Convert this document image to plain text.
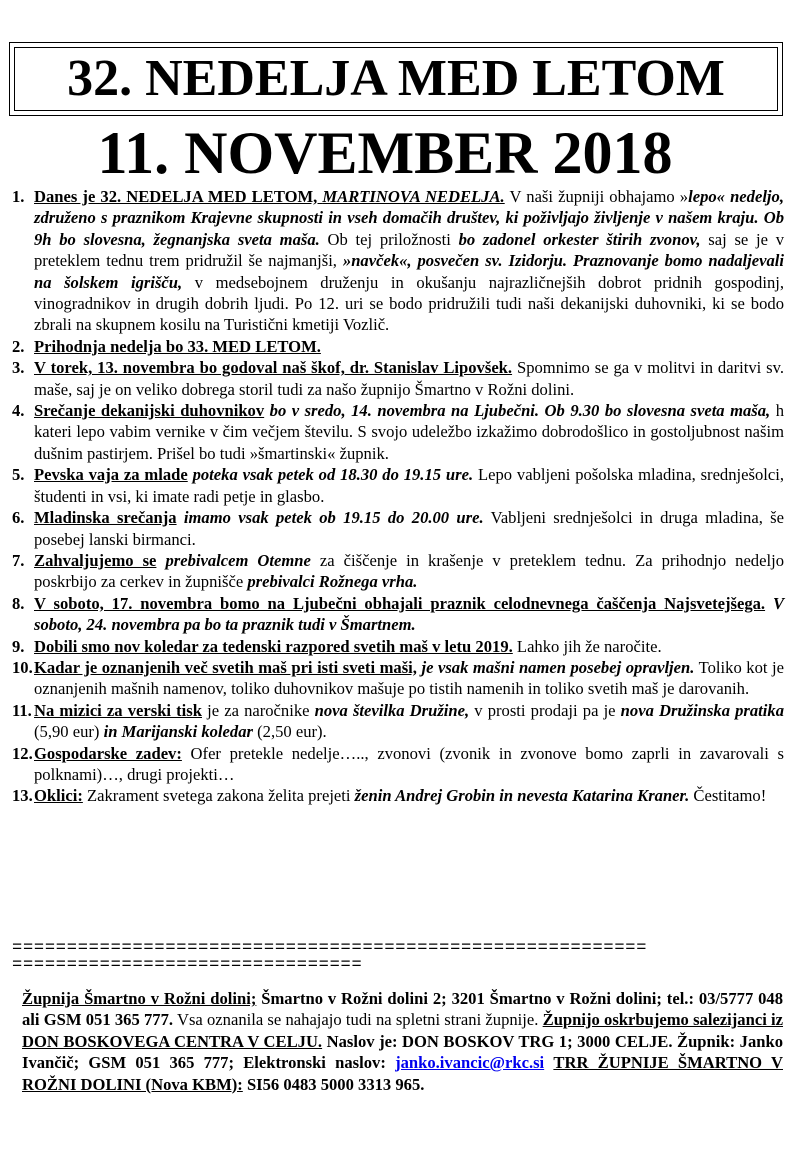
32. NEDELJA MED LETOM
11. NOVEMBER 2018
1. Danes je 32. NEDELJA MED LETOM, MARTINOVA NEDELJA. V naši župniji obhajamo »lepo« nedeljo, združeno s praznikom Krajevne skupnosti in vseh domačih društev, ki poživljajo življenje v našem kraju. Ob 9h bo slovesna, žegnanjska sveta maša. Ob tej priložnosti bo zadonel orkester štirih zvonov, saj se je v preteklem tednu trem pridružil še najmanjši, »navček«, posvečen sv. Izidorju. Praznovanje bomo nadaljevali na šolskem igrišču, v medsebojnem druženju in okušanju najrazličnejših dobrot pridnih gospodinj, vinogradnikov in drugih dobrih ljudi. Po 12. uri se bodo pridružili tudi naši dekanijski duhovniki, ki se bodo zbrali na skupnem kosilu na Turistični kmetiji Vozlič.

2. Prihodnja nedelja bo 33. MED LETOM.

3. V torek, 13. novembra bo godoval naš škof, dr. Stanislav Lipovšek. Spomnimo se ga v molitvi in daritvi sv. maše, saj je on veliko dobrega storil tudi za našo župnijo Šmartno v Rožni dolini.

4. Srečanje dekanijski duhovnikov bo v sredo, 14. novembra na Ljubečni. Ob 9.30 bo slovesna sveta maša, h kateri lepo vabim vernike v čim večjem številu. S svojo udeležbo izkažimo dobrodošlico in gostoljubnost našim dušnim pastirjem. Prišel bo tudi »šmartinski« župnik.

5. Pevska vaja za mlade poteka vsak petek od 18.30 do 19.15 ure. Lepo vabljeni pošolska mladina, srednješolci, študenti in vsi, ki imate radi petje in glasbo.

6. Mladinska srečanja imamo vsak petek ob 19.15 do 20.00 ure. Vabljeni srednješolci in druga mladina, še posebej lanski birmanci.

7. Zahvaljujemo se prebivalcem Otemne za čiščenje in krašenje v preteklem tednu. Za prihodnjo nedeljo poskrbijo za cerkev in župnišče prebivalci Rožnega vrha.

8. V soboto, 17. novembra bomo na Ljubečni obhajali praznik celodnevnega čaščenja Najsvetejšega. V soboto, 24. novembra pa bo ta praznik tudi v Šmartnem.

9. Dobili smo nov koledar za tedenski razpored svetih maš v letu 2019. Lahko jih že naročite.

10. Kadar je oznanjenih več svetih maš pri isti sveti maši, je vsak mašni namen posebej opravljen. Toliko kot je oznanjenih mašnih namenov, toliko duhovnikov mašuje po tistih namenih in toliko svetih maš je darovanih.

11. Na mizici za verski tisk je za naročnike nova številka Družine, v prosti prodaji pa je nova Družinska pratika (5,90 eur) in Marijanski koledar (2,50 eur).

12. Gospodarske zadev: Ofer pretekle nedelje….., zvonovi (zvonik in zvonove bomo zaprli in zavarovali s polknami)…, drugi projekti…

13. Oklici: Zakrament svetega zakona želita prejeti ženin Andrej Grobin in nevesta Katarina Kraner. Čestitamo!

==========================================================
================================

Župnija Šmartno v Rožni dolini; Šmartno v Rožni dolini 2; 3201 Šmartno v Rožni dolini; tel.: 03/5777 048 ali GSM 051 365 777. Vsa oznanila se nahajajo tudi na spletni strani župnije. Župnijo oskrbujemo salezijanci iz DON BOSKOVEGA CENTRA V CELJU. Naslov je: DON BOSKOV TRG 1; 3000 CELJE. Župnik: Janko Ivančič; GSM 051 365 777; Elektronski naslov: janko.ivancic@rkc.si TRR ŽUPNIJE ŠMARTNO V ROŽNI DOLINI (Nova KBM): SI56 0483 5000 3313 965.
